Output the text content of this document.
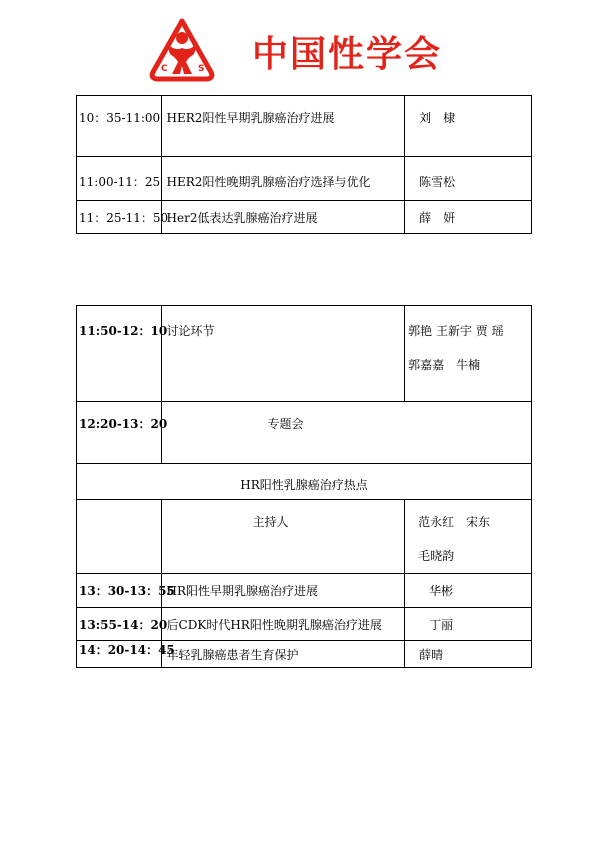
C	S 中国性学会
10：35-11:00	HER2阳性早期乳腺癌治疗进展	刘　棣
11:00-11：25	HER2阳性晚期乳腺癌治疗选择与优化	陈雪松
11：25-11：50	Her2低表达乳腺癌治疗进展	薛　妍
11:50-12：10	讨论环节	郭艳 王新宇 贾 瑶
郭嘉嘉　牛楠

12:20-13：20	专题会	
HR阳性乳腺癌治疗热点		
	主持人	范永红　宋东
毛晓韵

13：30-13：55	HR阳性早期乳腺癌治疗进展	华彬
13:55-14：20	后CDK时代HR阳性晚期乳腺癌治疗进展	丁丽
14：20-14：45	年轻乳腺癌患者生育保护	薛晴
